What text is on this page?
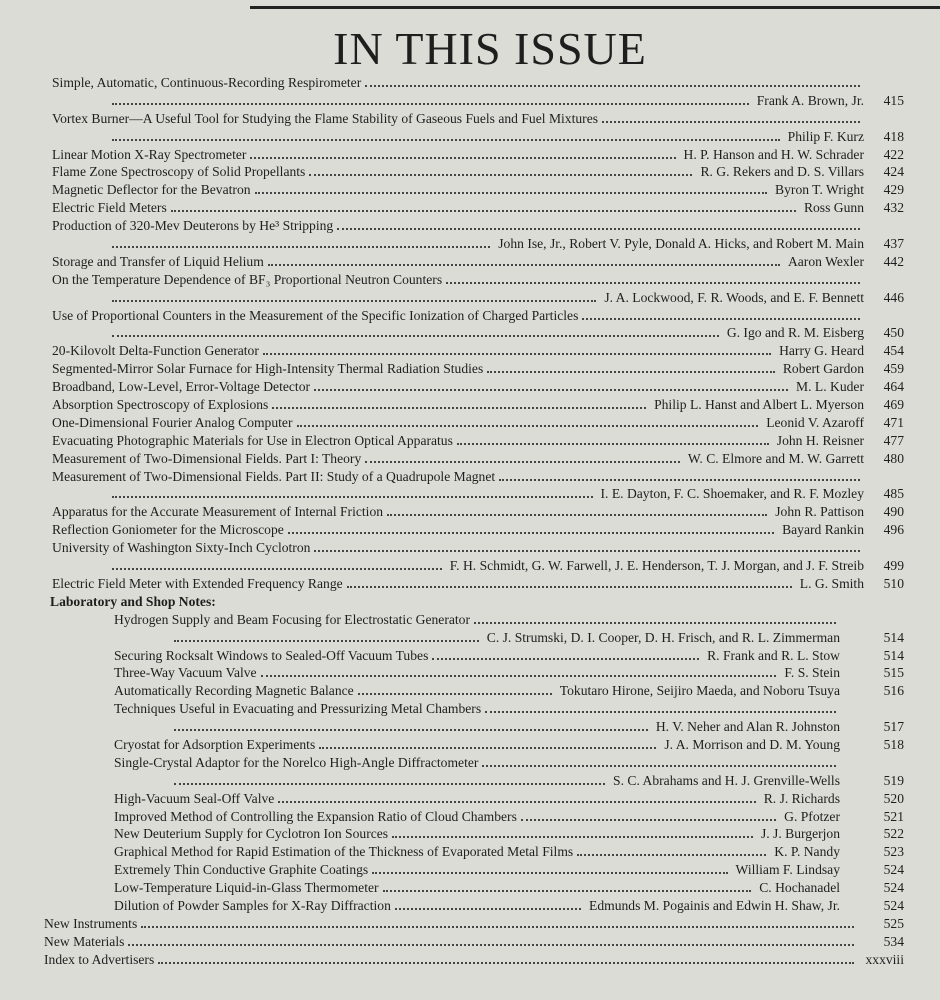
IN THIS ISSUE
Simple, Automatic, Continuous-Recording Respirometer
Frank A. Brown, Jr. 415
Vortex Burner—A Useful Tool for Studying the Flame Stability of Gaseous Fuels and Fuel Mixtures
Philip F. Kurz 418
Linear Motion X-Ray Spectrometer	H. P. Hanson and H. W. Schrader 422
Flame Zone Spectroscopy of Solid Propellants	R. G. Rekers and D. S. Villars 424
Magnetic Deflector for the Bevatron	Byron T. Wright 429
Electric Field Meters	Ross Gunn 432
Production of 320-Mev Deuterons by He³ Stripping
John Ise, Jr., Robert V. Pyle, Donald A. Hicks, and Robert M. Main 437
Storage and Transfer of Liquid Helium	Aaron Wexler 442
On the Temperature Dependence of BF₃ Proportional Neutron Counters
J. A. Lockwood, F. R. Woods, and E. F. Bennett 446
Use of Proportional Counters in the Measurement of the Specific Ionization of Charged Particles
G. Igo and R. M. Eisberg 450
20-Kilovolt Delta-Function Generator	Harry G. Heard 454
Segmented-Mirror Solar Furnace for High-Intensity Thermal Radiation Studies	Robert Gardon 459
Broadband, Low-Level, Error-Voltage Detector	M. L. Kuder 464
Absorption Spectroscopy of Explosions	Philip L. Hanst and Albert L. Myerson 469
One-Dimensional Fourier Analog Computer	Leonid V. Azaroff 471
Evacuating Photographic Materials for Use in Electron Optical Apparatus	John H. Reisner 477
Measurement of Two-Dimensional Fields. Part I: Theory	W. C. Elmore and M. W. Garrett 480
Measurement of Two-Dimensional Fields. Part II: Study of a Quadrupole Magnet
I. E. Dayton, F. C. Shoemaker, and R. F. Mozley 485
Apparatus for the Accurate Measurement of Internal Friction	John R. Pattison 490
Reflection Goniometer for the Microscope	Bayard Rankin 496
University of Washington Sixty-Inch Cyclotron
F. H. Schmidt, G. W. Farwell, J. E. Henderson, T. J. Morgan, and J. F. Streib 499
Electric Field Meter with Extended Frequency Range	L. G. Smith 510
Laboratory and Shop Notes:
Hydrogen Supply and Beam Focusing for Electrostatic Generator
C. J. Strumski, D. I. Cooper, D. H. Frisch, and R. L. Zimmerman	514
Securing Rocksalt Windows to Sealed-Off Vacuum Tubes	R. Frank and R. L. Stow	514
Three-Way Vacuum Valve	F. S. Stein	515
Automatically Recording Magnetic Balance	Tokutaro Hirone, Seijiro Maeda, and Noboru Tsuya	516
Techniques Useful in Evacuating and Pressurizing Metal Chambers
H. V. Neher and Alan R. Johnston	517
Cryostat for Adsorption Experiments	J. A. Morrison and D. M. Young	518
Single-Crystal Adaptor for the Norelco High-Angle Diffractometer
S. C. Abrahams and H. J. Grenville-Wells	519
High-Vacuum Seal-Off Valve	R. J. Richards	520
Improved Method of Controlling the Expansion Ratio of Cloud Chambers	G. Pfotzer	521
New Deuterium Supply for Cyclotron Ion Sources	J. J. Burgerjon	522
Graphical Method for Rapid Estimation of the Thickness of Evaporated Metal Films	K. P. Nandy	523
Extremely Thin Conductive Graphite Coatings	William F. Lindsay	524
Low-Temperature Liquid-in-Glass Thermometer	C. Hochanadel	524
Dilution of Powder Samples for X-Ray Diffraction	Edmunds M. Pogainis and Edwin H. Shaw, Jr.	524
New Instruments	525
New Materials	534
Index to Advertisers	xxxviii
